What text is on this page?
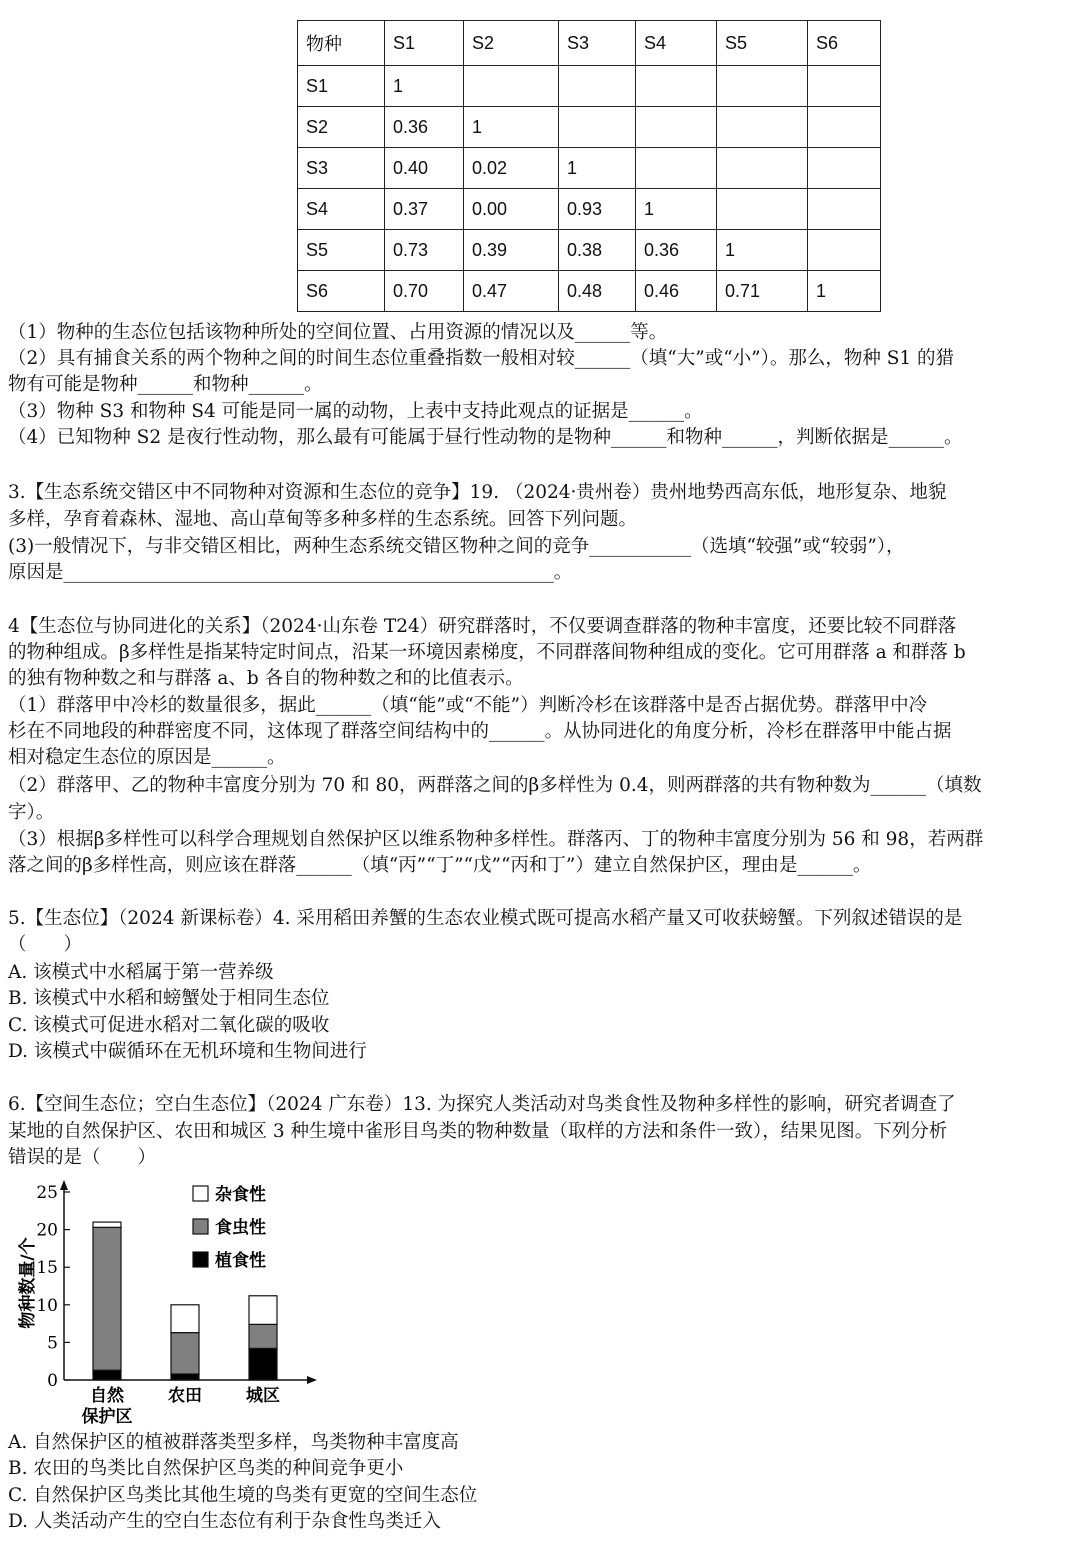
物种	S1	S2	S3	S4	S5	S6
S1	1					
S2	0.36	1				
S3	0.40	0.02	1			
S4	0.37	0.00	0.93	1		
S5	0.73	0.39	0.38	0.36	1	
S6	0.70	0.47	0.48	0.46	0.71	1
（1）物种的生态位包括该物种所处的空间位置、占用资源的情况以及______等。
（2）具有捕食关系的两个物种之间的时间生态位重叠指数一般相对较______（填“大”或“小”）。那么，物种 S1 的猎
物有可能是物种______和物种______。
（3）物种 S3 和物种 S4 可能是同一属的动物，上表中支持此观点的证据是______。
（4）已知物种 S2 是夜行性动物，那么最有可能属于昼行性动物的是物种______和物种______，判断依据是______。
3.【生态系统交错区中不同物种对资源和生态位的竞争】19. （2024·贵州卷）贵州地势西高东低，地形复杂、地貌
多样，孕育着森林、湿地、高山草甸等多种多样的生态系统。回答下列问题。
(3)一般情况下，与非交错区相比，两种生态系统交错区物种之间的竞争___________（选填“较强”或“较弱”），
原因是_____________________________________________________。
4【生态位与协同进化的关系】（2024·山东卷 T24）研究群落时，不仅要调查群落的物种丰富度，还要比较不同群落
的物种组成。β多样性是指某特定时间点，沿某一环境因素梯度，不同群落间物种组成的变化。它可用群落 a 和群落 b
的独有物种数之和与群落 a、b 各自的物种数之和的比值表示。
（1）群落甲中冷杉的数量很多，据此______（填“能”或“不能”）判断冷杉在该群落中是否占据优势。群落甲中冷
杉在不同地段的种群密度不同，这体现了群落空间结构中的______。从协同进化的角度分析，冷杉在群落甲中能占据
相对稳定生态位的原因是______。
（2）群落甲、乙的物种丰富度分别为 70 和 80，两群落之间的β多样性为 0.4，则两群落的共有物种数为______（填数
字）。
（3）根据β多样性可以科学合理规划自然保护区以维系物种多样性。群落丙、丁的物种丰富度分别为 56 和 98，若两群
落之间的β多样性高，则应该在群落______（填“丙”“丁”“戊”“丙和丁”）建立自然保护区，理由是______。
5.【生态位】（2024 新课标卷）4. 采用稻田养蟹的生态农业模式既可提高水稻产量又可收获螃蟹。下列叙述错误的是
（　　）
A. 该模式中水稻属于第一营养级
B. 该模式中水稻和螃蟹处于相同生态位
C. 该模式可促进水稻对二氧化碳的吸收
D. 该模式中碳循环在无机环境和生物间进行
6.【空间生态位；空白生态位】（2024 广东卷）13. 为探究人类活动对鸟类食性及物种多样性的影响，研究者调查了
某地的自然保护区、农田和城区 3 种生境中雀形目鸟类的物种数量（取样的方法和条件一致），结果见图。下列分析
错误的是（　　）
0
5
10
15
20
25
物种数量/个
自然
保护区
农田	城区
杂食性
食虫性
植食性
A. 自然保护区的植被群落类型多样，鸟类物种丰富度高
B. 农田的鸟类比自然保护区鸟类的种间竞争更小
C. 自然保护区鸟类比其他生境的鸟类有更宽的空间生态位
D. 人类活动产生的空白生态位有利于杂食性鸟类迁入
